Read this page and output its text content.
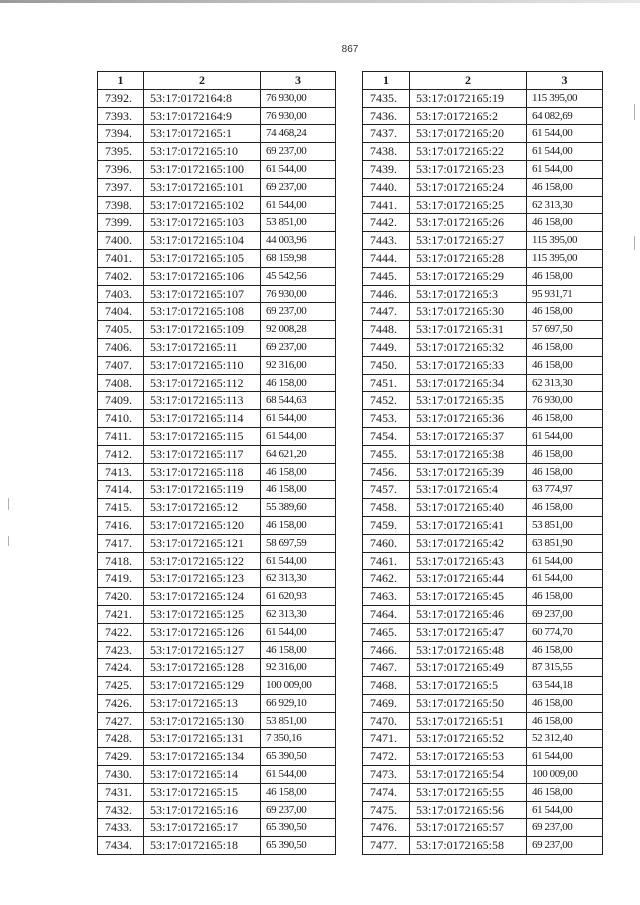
867
1	2	3
7392.	53:17:0172164:8	76 930,00
7393.	53:17:0172164:9	76 930,00
7394.	53:17:0172165:1	74 468,24
7395.	53:17:0172165:10	69 237,00
7396.	53:17:0172165:100	61 544,00
7397.	53:17:0172165:101	69 237,00
7398.	53:17:0172165:102	61 544,00
7399.	53:17:0172165:103	53 851,00
7400.	53:17:0172165:104	44 003,96
7401.	53:17:0172165:105	68 159,98
7402.	53:17:0172165:106	45 542,56
7403.	53:17:0172165:107	76 930,00
7404.	53:17:0172165:108	69 237,00
7405.	53:17:0172165:109	92 008,28
7406.	53:17:0172165:11	69 237,00
7407.	53:17:0172165:110	92 316,00
7408.	53:17:0172165:112	46 158,00
7409.	53:17:0172165:113	68 544,63
7410.	53:17:0172165:114	61 544,00
7411.	53:17:0172165:115	61 544,00
7412.	53:17:0172165:117	64 621,20
7413.	53:17:0172165:118	46 158,00
7414.	53:17:0172165:119	46 158,00
7415.	53:17:0172165:12	55 389,60
7416.	53:17:0172165:120	46 158,00
7417.	53:17:0172165:121	58 697,59
7418.	53:17:0172165:122	61 544,00
7419.	53:17:0172165:123	62 313,30
7420.	53:17:0172165:124	61 620,93
7421.	53:17:0172165:125	62 313,30
7422.	53:17:0172165:126	61 544,00
7423.	53:17:0172165:127	46 158,00
7424.	53:17:0172165:128	92 316,00
7425.	53:17:0172165:129	100 009,00
7426.	53:17:0172165:13	66 929,10
7427.	53:17:0172165:130	53 851,00
7428.	53:17:0172165:131	7 350,16
7429.	53:17:0172165:134	65 390,50
7430.	53:17:0172165:14	61 544,00
7431.	53:17:0172165:15	46 158,00
7432.	53:17:0172165:16	69 237,00
7433.	53:17:0172165:17	65 390,50
7434.	53:17:0172165:18	65 390,50
1	2	3
7435.	53:17:0172165:19	115 395,00
7436.	53:17:0172165:2	64 082,69
7437.	53:17:0172165:20	61 544,00
7438.	53:17:0172165:22	61 544,00
7439.	53:17:0172165:23	61 544,00
7440.	53:17:0172165:24	46 158,00
7441.	53:17:0172165:25	62 313,30
7442.	53:17:0172165:26	46 158,00
7443.	53:17:0172165:27	115 395,00
7444.	53:17:0172165:28	115 395,00
7445.	53:17:0172165:29	46 158,00
7446.	53:17:0172165:3	95 931,71
7447.	53:17:0172165:30	46 158,00
7448.	53:17:0172165:31	57 697,50
7449.	53:17:0172165:32	46 158,00
7450.	53:17:0172165:33	46 158,00
7451.	53:17:0172165:34	62 313,30
7452.	53:17:0172165:35	76 930,00
7453.	53:17:0172165:36	46 158,00
7454.	53:17:0172165:37	61 544,00
7455.	53:17:0172165:38	46 158,00
7456.	53:17:0172165:39	46 158,00
7457.	53:17:0172165:4	63 774,97
7458.	53:17:0172165:40	46 158,00
7459.	53:17:0172165:41	53 851,00
7460.	53:17:0172165:42	63 851,90
7461.	53:17:0172165:43	61 544,00
7462.	53:17:0172165:44	61 544,00
7463.	53:17:0172165:45	46 158,00
7464.	53:17:0172165:46	69 237,00
7465.	53:17:0172165:47	60 774,70
7466.	53:17:0172165:48	46 158,00
7467.	53:17:0172165:49	87 315,55
7468.	53:17:0172165:5	63 544,18
7469.	53:17:0172165:50	46 158,00
7470.	53:17:0172165:51	46 158,00
7471.	53:17:0172165:52	52 312,40
7472.	53:17:0172165:53	61 544,00
7473.	53:17:0172165:54	100 009,00
7474.	53:17:0172165:55	46 158,00
7475.	53:17:0172165:56	61 544,00
7476.	53:17:0172165:57	69 237,00
7477.	53:17:0172165:58	69 237,00
